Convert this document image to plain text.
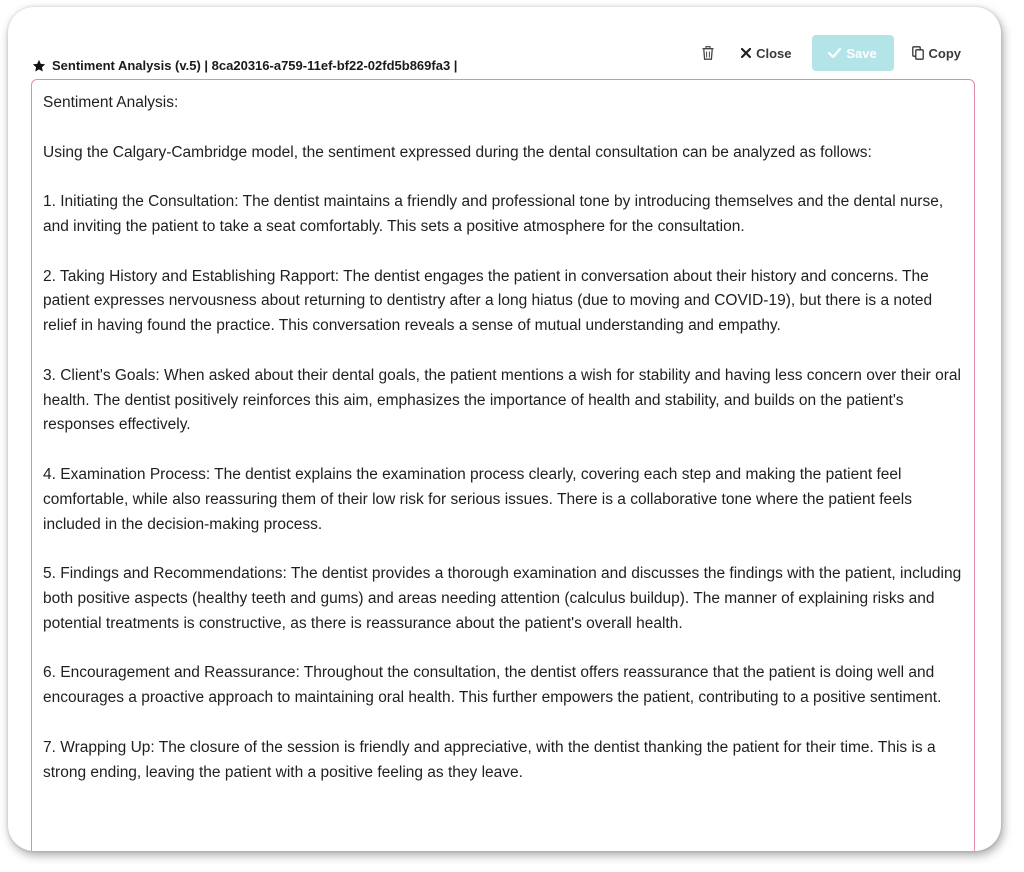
Close	Save	Copy
Sentiment Analysis (v.5) | 8ca20316-a759-11ef-bf22-02fd5b869fa3 |

Sentiment Analysis:

Using the Calgary-Cambridge model, the sentiment expressed during the dental consultation can be analyzed as follows:

1. Initiating the Consultation: The dentist maintains a friendly and professional tone by introducing themselves and the dental nurse, and inviting the patient to take a seat comfortably. This sets a positive atmosphere for the consultation.

2. Taking History and Establishing Rapport: The dentist engages the patient in conversation about their history and concerns. The patient expresses nervousness about returning to dentistry after a long hiatus (due to moving and COVID-19), but there is a noted relief in having found the practice. This conversation reveals a sense of mutual understanding and empathy.

3. Client's Goals: When asked about their dental goals, the patient mentions a wish for stability and having less concern over their oral health. The dentist positively reinforces this aim, emphasizes the importance of health and stability, and builds on the patient's responses effectively.

4. Examination Process: The dentist explains the examination process clearly, covering each step and making the patient feel comfortable, while also reassuring them of their low risk for serious issues. There is a collaborative tone where the patient feels included in the decision-making process.

5. Findings and Recommendations: The dentist provides a thorough examination and discusses the findings with the patient, including both positive aspects (healthy teeth and gums) and areas needing attention (calculus buildup). The manner of explaining risks and potential treatments is constructive, as there is reassurance about the patient's overall health.

6. Encouragement and Reassurance: Throughout the consultation, the dentist offers reassurance that the patient is doing well and encourages a proactive approach to maintaining oral health. This further empowers the patient, contributing to a positive sentiment.

7. Wrapping Up: The closure of the session is friendly and appreciative, with the dentist thanking the patient for their time. This is a strong ending, leaving the patient with a positive feeling as they leave.
